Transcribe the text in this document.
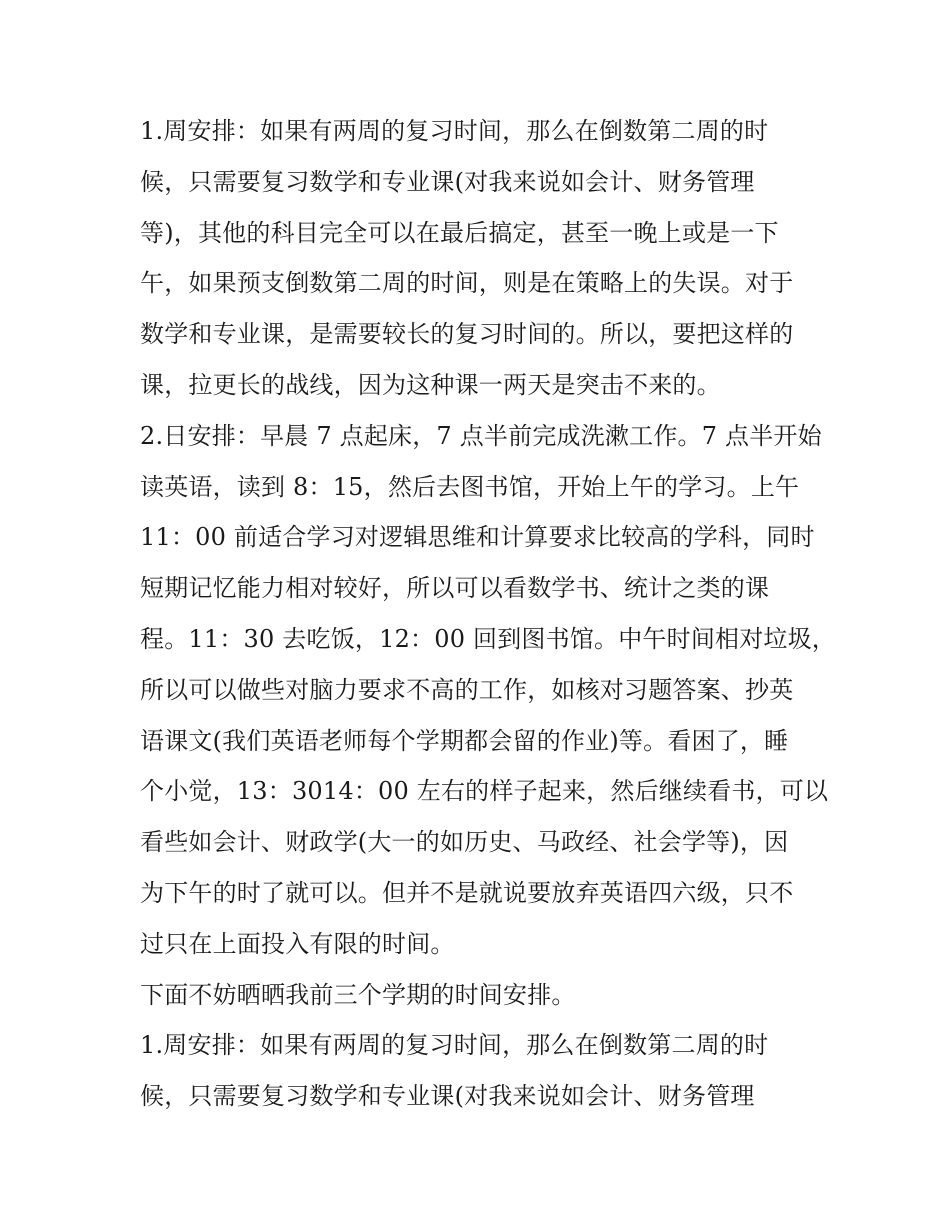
1.周安排：如果有两周的复习时间，那么在倒数第二周的时
候，只需要复习数学和专业课(对我来说如会计、财务管理
等)，其他的科目完全可以在最后搞定，甚至一晚上或是一下
午，如果预支倒数第二周的时间，则是在策略上的失误。对于
数学和专业课，是需要较长的复习时间的。所以，要把这样的
课，拉更长的战线，因为这种课一两天是突击不来的。
2.日安排：早晨 7 点起床，7 点半前完成洗漱工作。7 点半开始
读英语，读到 8：15，然后去图书馆，开始上午的学习。上午
11：00 前适合学习对逻辑思维和计算要求比较高的学科，同时
短期记忆能力相对较好，所以可以看数学书、统计之类的课
程。11：30 去吃饭，12：00 回到图书馆。中午时间相对垃圾，
所以可以做些对脑力要求不高的工作，如核对习题答案、抄英
语课文(我们英语老师每个学期都会留的作业)等。看困了，睡
个小觉，13：3014：00 左右的样子起来，然后继续看书，可以
看些如会计、财政学(大一的如历史、马政经、社会学等)，因
为下午的时了就可以。但并不是就说要放弃英语四六级，只不
过只在上面投入有限的时间。
下面不妨晒晒我前三个学期的时间安排。
1.周安排：如果有两周的复习时间，那么在倒数第二周的时
候，只需要复习数学和专业课(对我来说如会计、财务管理
